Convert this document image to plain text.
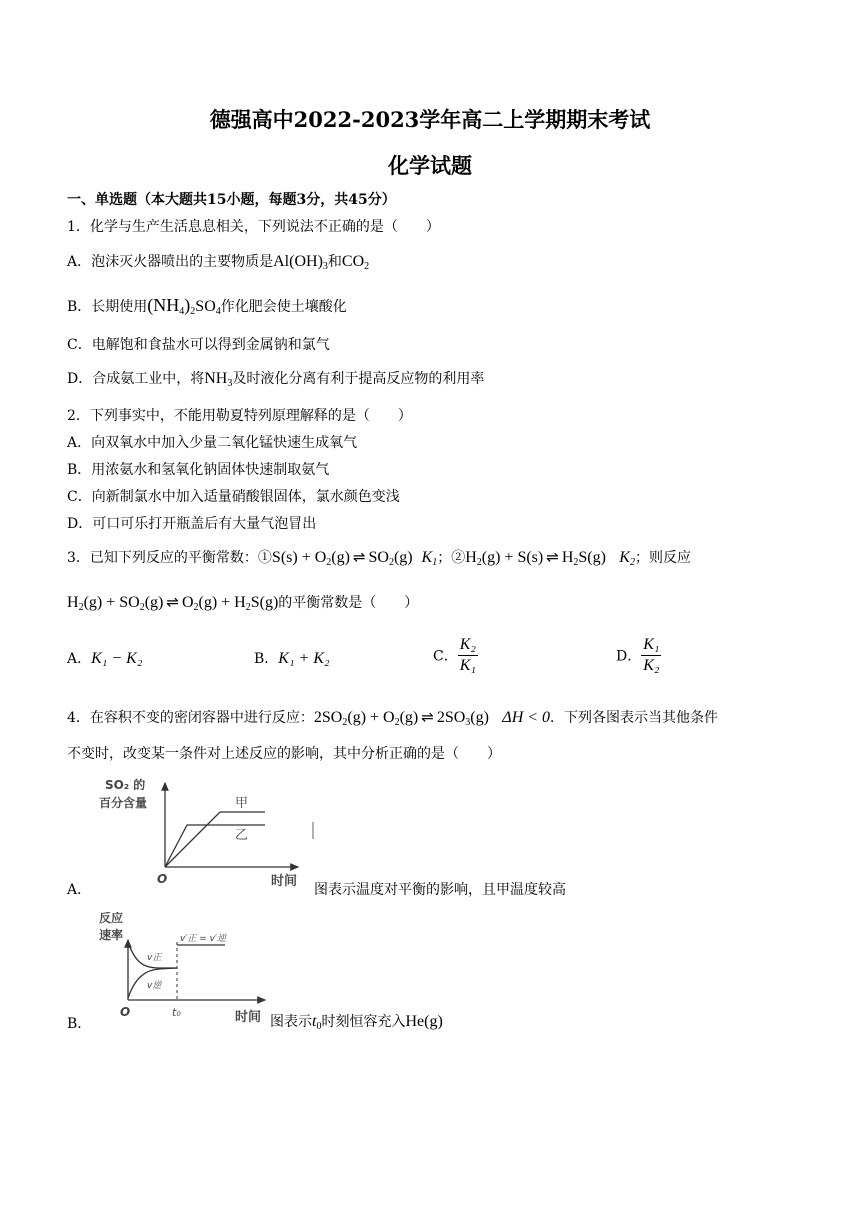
德强高中2022-2023学年高二上学期期末考试
化学试题
一、单选题（本大题共15小题，每题3分，共45分）
1．化学与生产生活息息相关，下列说法不正确的是（　　）
A．泡沫灭火器喷出的主要物质是$Al(OH)_3$和$CO_2$
B．长期使用$(NH_4)_2SO_4$作化肥会使土壤酸化
C．电解饱和食盐水可以得到金属钠和氯气
D．合成氨工业中，将$NH_3$及时液化分离有利于提高反应物的利用率
2．下列事实中，不能用勒夏特列原理解释的是（　　）
A．向双氧水中加入少量二氧化锰快速生成氧气
B．用浓氨水和氢氧化钠固体快速制取氨气
C．向新制氯水中加入适量硝酸银固体，氯水颜色变浅
D．可口可乐打开瓶盖后有大量气泡冒出
3．已知下列反应的平衡常数：①S(s) + $O_2(g)$ ⇌ $SO_2(g)$ $K_1$；$②H_2(g) + S(s)$ ⇌ $H_2S(g)$ $K_2$；则反应
$H_2(g) + SO_2(g)$ ⇌ $O_2(g) + H_2S(g)$的平衡常数是（　　）
A．K₁ − K₂	B．K₁ + K₂	C． $\frac{\text{K₂}}{\text{K₁}}$	D． $\frac{\text{K₁}}{\text{K₂}}$
4．在容积不变的密闭容器中进行反应：$2SO_2(g) + O_2(g)$ ⇌ $2SO_3(g) \Delta H < 0$．下列各图表示当其他条件
不变时，改变某一条件对上述反应的影响，其中分析正确的是（　　）
SO₂ 的
百分含量	甲
乙
O	时间
A．	图表示温度对平衡的影响，且甲温度较高
反应
速率
v正
v逆
v′正 = v′逆
O	t₀	时间
B．	图表示$t_0$时刻恒容充入He(g)
